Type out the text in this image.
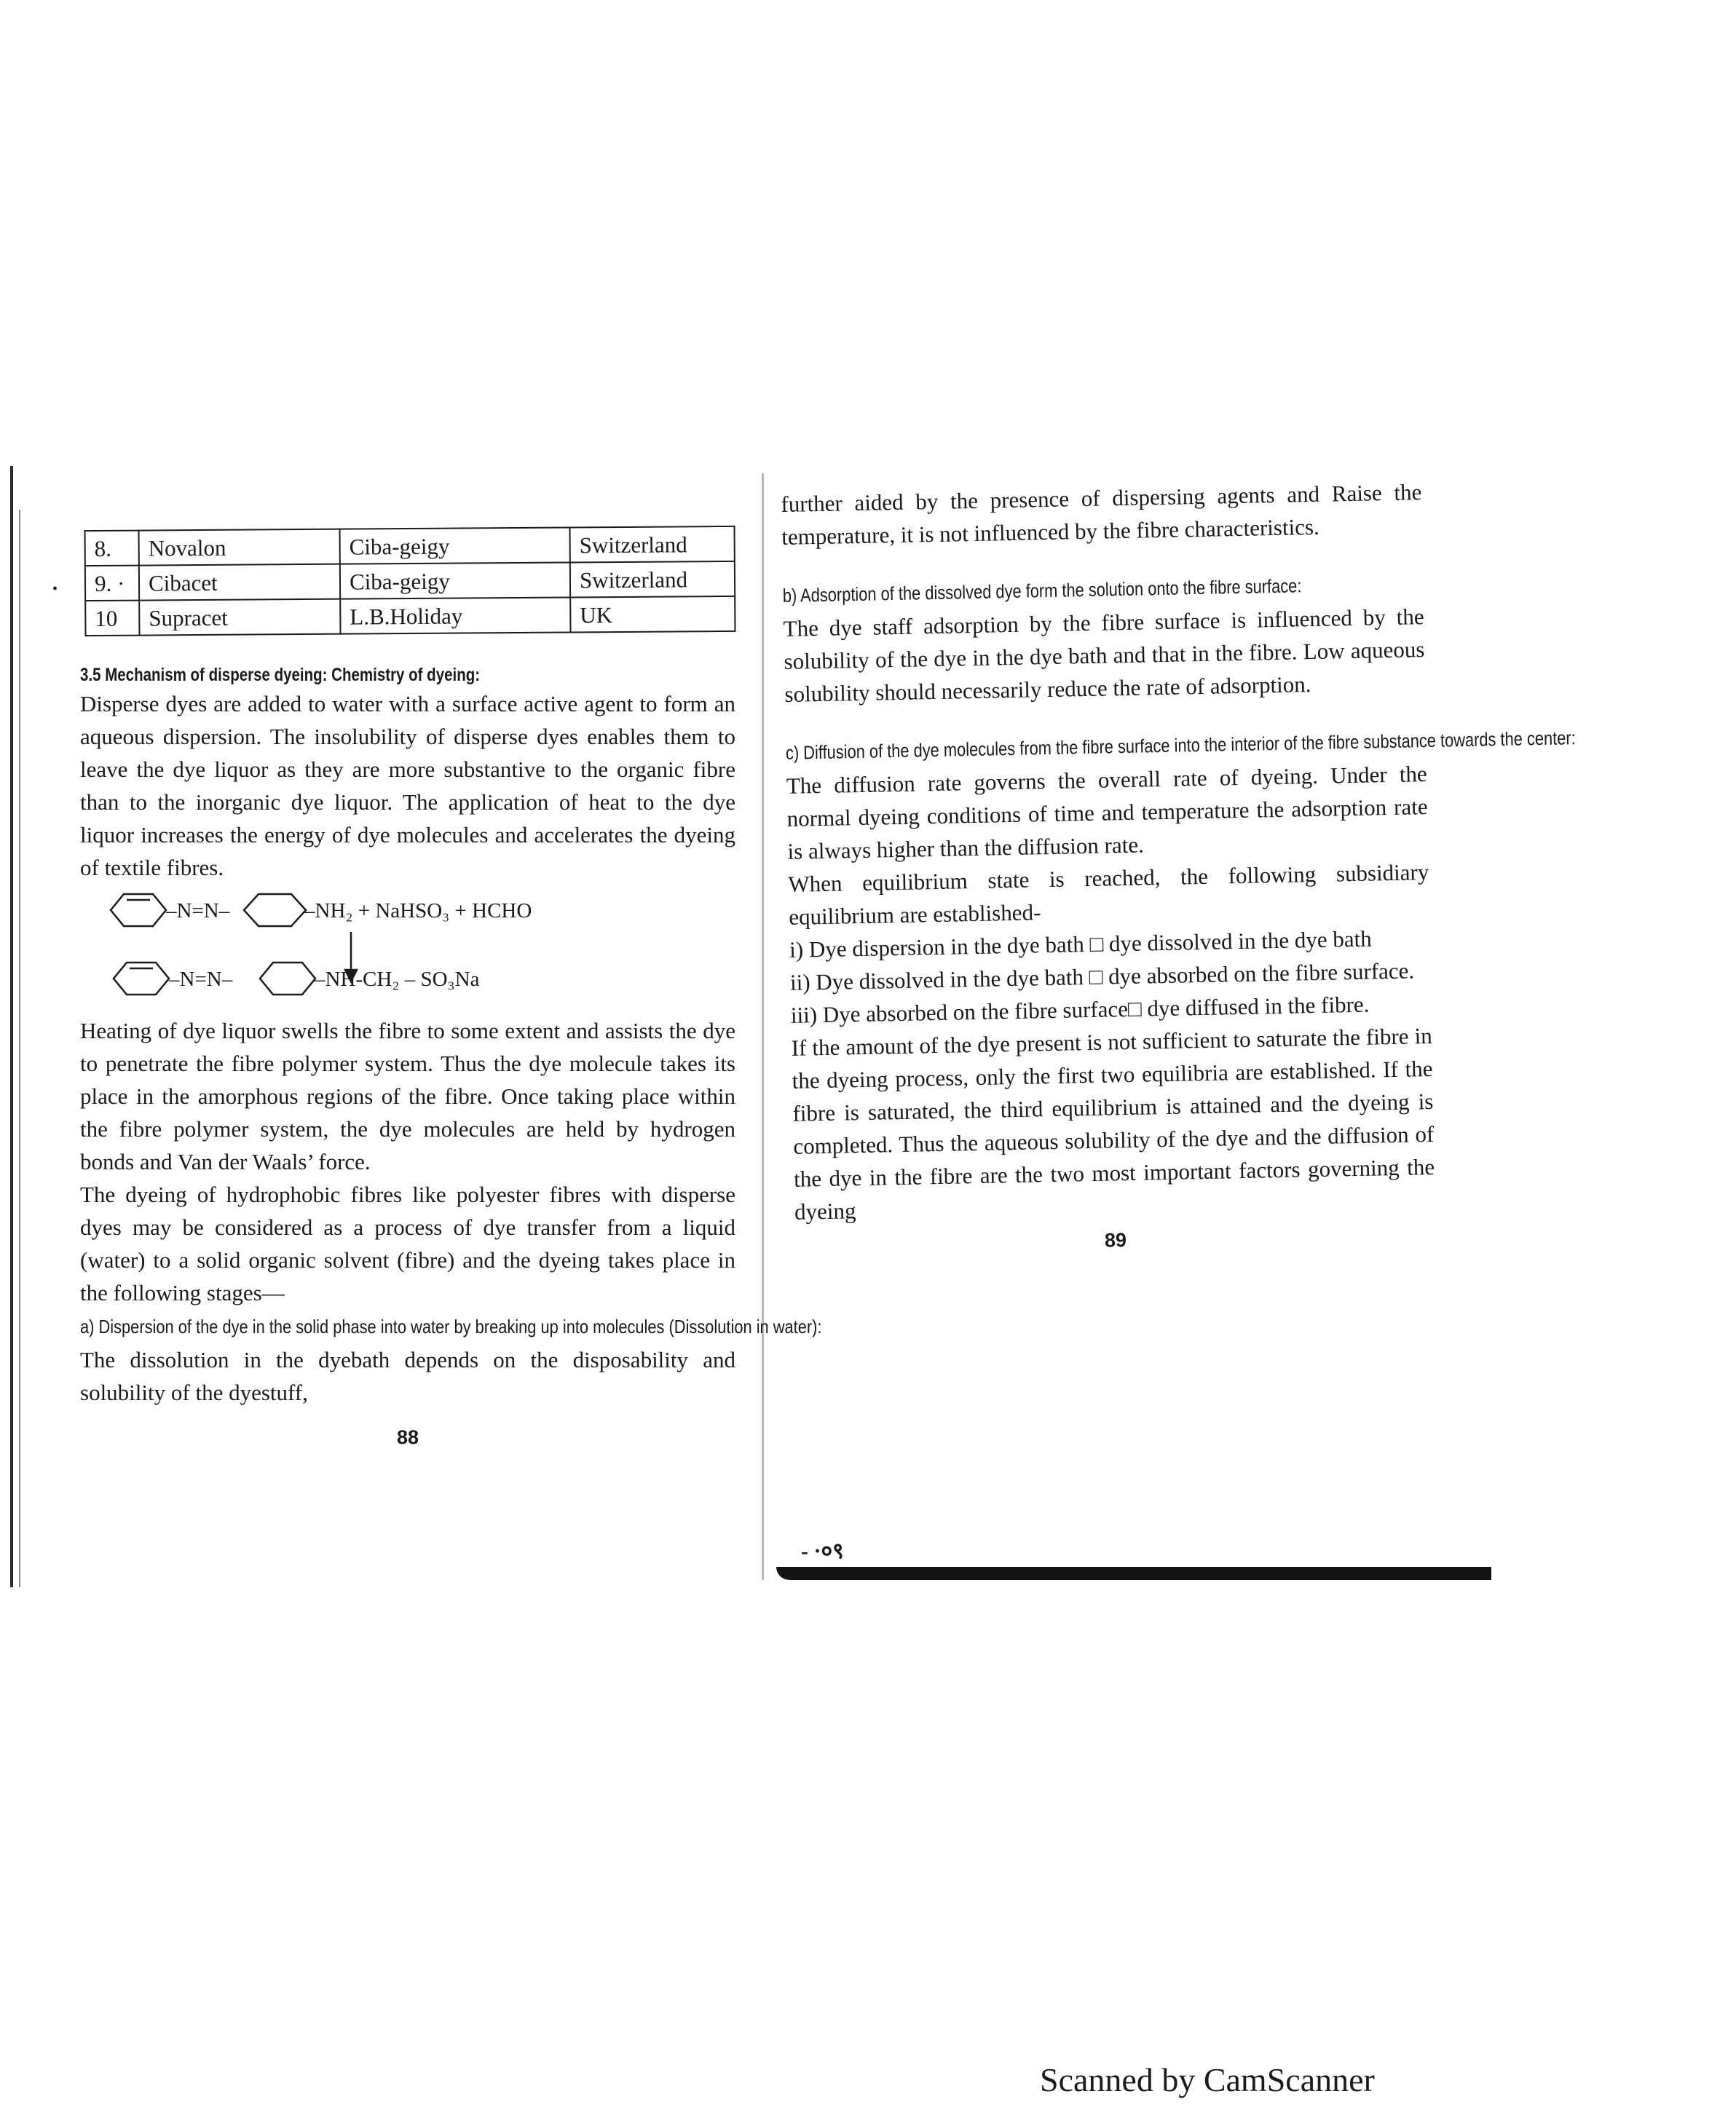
•
8.	Novalon	Ciba-geigy	Switzerland
9. ·	Cibacet	Ciba-geigy	Switzerland
10	Supracet	L.B.Holiday	UK
3.5 Mechanism of disperse dyeing: Chemistry of dyeing:

Disperse dyes are added to water with a surface active agent to form an aqueous dispersion. The insolubility of disperse dyes enables them to leave the dye liquor as they are more substantive to the organic fibre than to the inorganic dye liquor. The application of heat to the dye liquor increases the energy of dye molecules and accelerates the dyeing of textile fibres.

–N=N–	–NH₂ + NaHSO₃ + HCHO
–N=N–	–NH-CH₂ – SO₃Na

Heating of dye liquor swells the fibre to some extent and assists the dye to penetrate the fibre polymer system. Thus the dye molecule takes its place in the amorphous regions of the fibre. Once taking place within the fibre polymer system, the dye molecules are held by hydrogen bonds and Van der Waals’ force.

The dyeing of hydrophobic fibres like polyester fibres with disperse dyes may be considered as a process of dye transfer from a liquid (water) to a solid organic solvent (fibre) and the dyeing takes place in the following stages—

a) Dispersion of the dye in the solid phase into water by breaking up into molecules (Dissolution in water): The dissolution in the dyebath depends on the disposability and solubility of the dyestuff,

88

further aided by the presence of dispersing agents and Raise the temperature, it is not influenced by the fibre characteristics.

b) Adsorption of the dissolved dye form the solution onto the fibre surface:
The dye staff adsorption by the fibre surface is influenced by the solubility of the dye in the dye bath and that in the fibre. Low aqueous solubility should necessarily reduce the rate of adsorption.

c) Diffusion of the dye molecules from the fibre surface into the interior of the fibre substance towards the center: The diffusion rate governs the overall rate of dyeing. Under the normal dyeing conditions of time and temperature the adsorption rate is always higher than the diffusion rate.

When equilibrium state is reached, the following subsidiary equilibrium are established-

i) Dye dispersion in the dye bath □ dye dissolved in the dye bath

ii) Dye dissolved in the dye bath □ dye absorbed on the fibre surface.

iii) Dye absorbed on the fibre surface□ dye diffused in the fibre.

If the amount of the dye present is not sufficient to saturate the fibre in the dyeing process, only the first two equilibria are established. If the fibre is saturated, the third equilibrium is attained and the dyeing is completed. Thus the aqueous solubility of the dye and the diffusion of the dye in the fibre are the two most important factors governing the dyeing

89
- ·०९
Scanned by CamScanner
